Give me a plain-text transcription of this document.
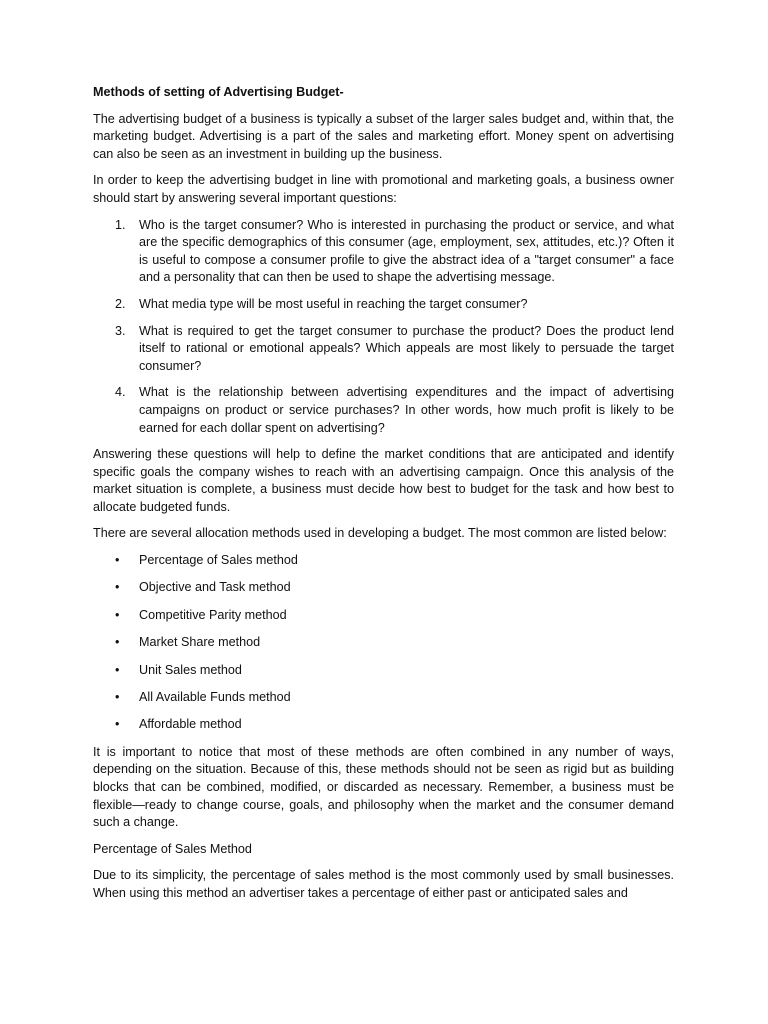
Methods of setting of Advertising Budget-

The advertising budget of a business is typically a subset of the larger sales budget and, within that, the marketing budget. Advertising is a part of the sales and marketing effort. Money spent on advertising can also be seen as an investment in building up the business.

In order to keep the advertising budget in line with promotional and marketing goals, a business owner should start by answering several important questions:

1. Who is the target consumer? Who is interested in purchasing the product or service, and what are the specific demographics of this consumer (age, employment, sex, attitudes, etc.)? Often it is useful to compose a consumer profile to give the abstract idea of a "target consumer" a face and a personality that can then be used to shape the advertising message.
2. What media type will be most useful in reaching the target consumer?
3. What is required to get the target consumer to purchase the product? Does the product lend itself to rational or emotional appeals? Which appeals are most likely to persuade the target consumer?
4. What is the relationship between advertising expenditures and the impact of advertising campaigns on product or service purchases? In other words, how much profit is likely to be earned for each dollar spent on advertising?

Answering these questions will help to define the market conditions that are anticipated and identify specific goals the company wishes to reach with an advertising campaign. Once this analysis of the market situation is complete, a business must decide how best to budget for the task and how best to allocate budgeted funds.

There are several allocation methods used in developing a budget. The most common are listed below:

• Percentage of Sales method
• Objective and Task method
• Competitive Parity method
• Market Share method
• Unit Sales method
• All Available Funds method
• Affordable method

It is important to notice that most of these methods are often combined in any number of ways, depending on the situation. Because of this, these methods should not be seen as rigid but as building blocks that can be combined, modified, or discarded as necessary. Remember, a business must be flexible—ready to change course, goals, and philosophy when the market and the consumer demand such a change.

Percentage of Sales Method

Due to its simplicity, the percentage of sales method is the most commonly used by small businesses. When using this method an advertiser takes a percentage of either past or anticipated sales and
